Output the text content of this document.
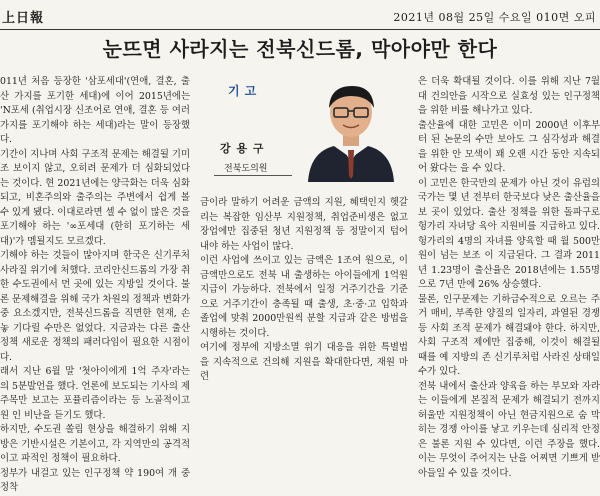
上日報	2021년 08월 25일 수요일 010면 오피
눈뜨면 사라지는 전북신드롬, 막아야만 한다

011년 처음 등장한 '삼포세대'(연애, 결혼, 출산 가지를 포기한 세대)에 이어 2015년에는 'N포세 (취업시장 신조어로 연애, 결혼 등 여러 가지를 포기해야 하는 세대)라는 말이 등장했다.

기간이 지나며 사회 구조적 문제는 해결될 기미조 보이지 않고, 오히려 문제가 더 심화되었다는 것이다. 현 2021년에는 양극화는 더욱 심화되고, 비혼주의와 출주의는 주변에서 쉽게 볼 수 있게 됐다. 이대로라면 셀 수 없이 많은 것을 포기해야 하는 '∞포세대 (한히 포기하는 세대)'가 멤될지도 모르겠다.

기해야 하는 것들이 많아지며 한국은 신기루처 사라질 위기에 처했다. 코리안신드롬의 가장 취한 수도권에서 먼 곳에 있는 지방일 것이다. 불론 문제해결을 위해 국가 차원의 정책과 변화가 중 요소겠지만, 전북신드롬을 직면한 현재, 손 놓 기다릴 수만은 없었다. 지금과는 다른 출산 정책 새로운 정책의 패러다임이 필요한 시점이다.

래서 지난 6월 말 '첫아이에게 1억 주자'라는 의 5분발언을 했다. 언론에 보도되는 기사의 제 주목만 보고는 포퓰리즘이라는 등 노골적이고 원 인 비난을 듣기도 했다.

하지만, 수도권 쏠림 현상을 해결하기 위해 지방은 기반시설은 기본이고, 각 지역만의 공격적이고 파적인 정책이 필요하다.

정부가 내걸고 있는 인구정책 약 190여 개 중 정착

기고
강 용 구
전북도의원

금이라 말하기 어려운 금액의 지원, 혜택인지 헷갈리는 복잡한 임산부 지원정책, 취업준비생은 없고 장업에만 집중된 청년 지원정책 등 정말이지 텁어내야 하는 사업이 많다.

이런 사업에 쓰이고 있는 금액은 1조여 원으로, 이 금액만으로도 전북 내 출생하는 아이들에게 1억원 지급이 가능하다. 전북에서 일정 거주기간을 기준으로 거주기간이 충족될 때 출생, 초·중·고 입학과 졸업에 맞춰 2000만원씩 분할 지급과 같은 방법을 시행하는 것이다.

여기에 정부에 지방소멸 위기 대응을 위한 특별법을 지속적으로 건의해 지원을 확대한다면, 재원 마련

은 더욱 확대될 것이다. 이를 위해 지난 7월 대 건의안을 시작으로 실효성 있는 인구정책을 위한 비를 해나가고 있다.

출산율에 대한 고민은 이미 2000년 이후부터 된 논문의 수만 보아도 그 심각성과 해결을 위한 안 모색이 꽤 오랜 시간 동안 지속되어 왔다는 을 수 있다.

이 고민은 한국만의 문제가 아닌 것이 유럽의 국가는 몇 년 전부터 한국보다 낮은 출산율을 보 곳이 있었다. 출산 정책을 위한 돌파구로 헝가리 자녀당 육아 지원비를 지급하고 있다. 헝가리의 4명의 자녀를 양육할 때 월 500만원이 넘는 보조 이 지급된다. 그 결과 2011년 1.23명이 출산율은 2018년에는 1.55명으로 7년 만에 26% 상승했다.

물론, 인구문제는 기하급수적으로 오르는 주거 매비, 부족한 양질의 일자리, 과열된 경쟁 등 사회 조적 문제가 해결돼야 한다. 하지만, 사회 구조적 제에만 집중해, 이것이 해결될 때를 예 지방의 존 신기루처럼 사라진 상태일 수가 있다.

전북 내에서 출산과 양육을 하는 부모와 자라는 이들에게 본질적 문제가 해결되기 전까지 허울만 지원정책이 아닌 현금지원으로 숨 막히는 경쟁 아이를 낳고 키우는데 심리적 안정은 불론 지원 수 있다면, 이런 주장을 했다. 이는 무엇이 주어지는 난을 어찌면 기쁘게 받아들일 수 있을 것이다.
